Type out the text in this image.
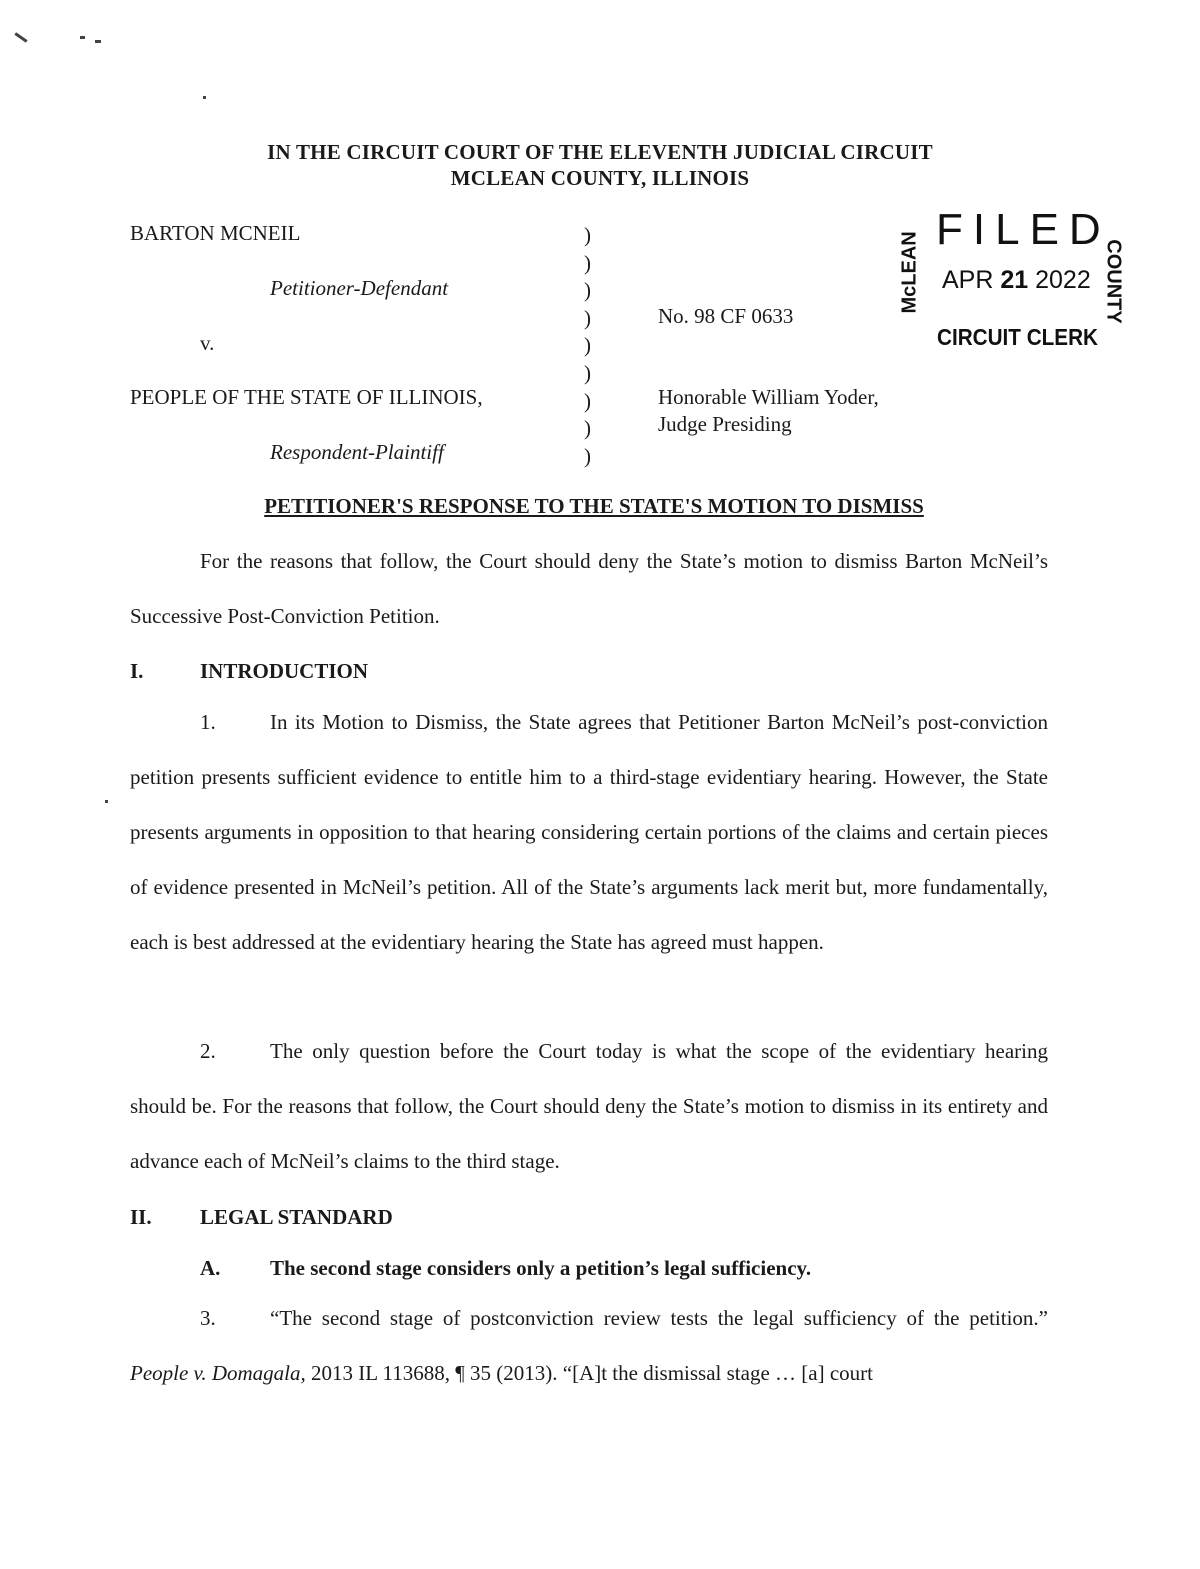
IN THE CIRCUIT COURT OF THE ELEVENTH JUDICIAL CIRCUIT
MCLEAN COUNTY, ILLINOIS
BARTON MCNEIL
Petitioner-Defendant
v.
PEOPLE OF THE STATE OF ILLINOIS,
Respondent-Plaintiff
)
)
)
)
)
)
)
)
)
No. 98 CF 0633
Honorable William Yoder,
Judge Presiding
McLEAN
FILED
APR 21 2022
CIRCUIT CLERK
COUNTY
PETITIONER'S RESPONSE TO THE STATE'S MOTION TO DISMISS

For the reasons that follow, the Court should deny the State’s motion to dismiss Barton McNeil’s Successive Post-Conviction Petition.

I.	INTRODUCTION

1.	In its Motion to Dismiss, the State agrees that Petitioner Barton McNeil’s post-conviction petition presents sufficient evidence to entitle him to a third-stage evidentiary hearing. However, the State presents arguments in opposition to that hearing considering certain portions of the claims and certain pieces of evidence presented in McNeil’s petition. All of the State’s arguments lack merit but, more fundamentally, each is best addressed at the evidentiary hearing the State has agreed must happen.

2.	The only question before the Court today is what the scope of the evidentiary hearing should be. For the reasons that follow, the Court should deny the State’s motion to dismiss in its entirety and advance each of McNeil’s claims to the third stage.

II. LEGAL STANDARD
A. The second stage considers only a petition’s legal sufficiency.

3.	“The second stage of postconviction review tests the legal sufficiency of the petition.” People v. Domagala, 2013 IL 113688, ¶ 35 (2013). “[A]t the dismissal stage … [a] court
